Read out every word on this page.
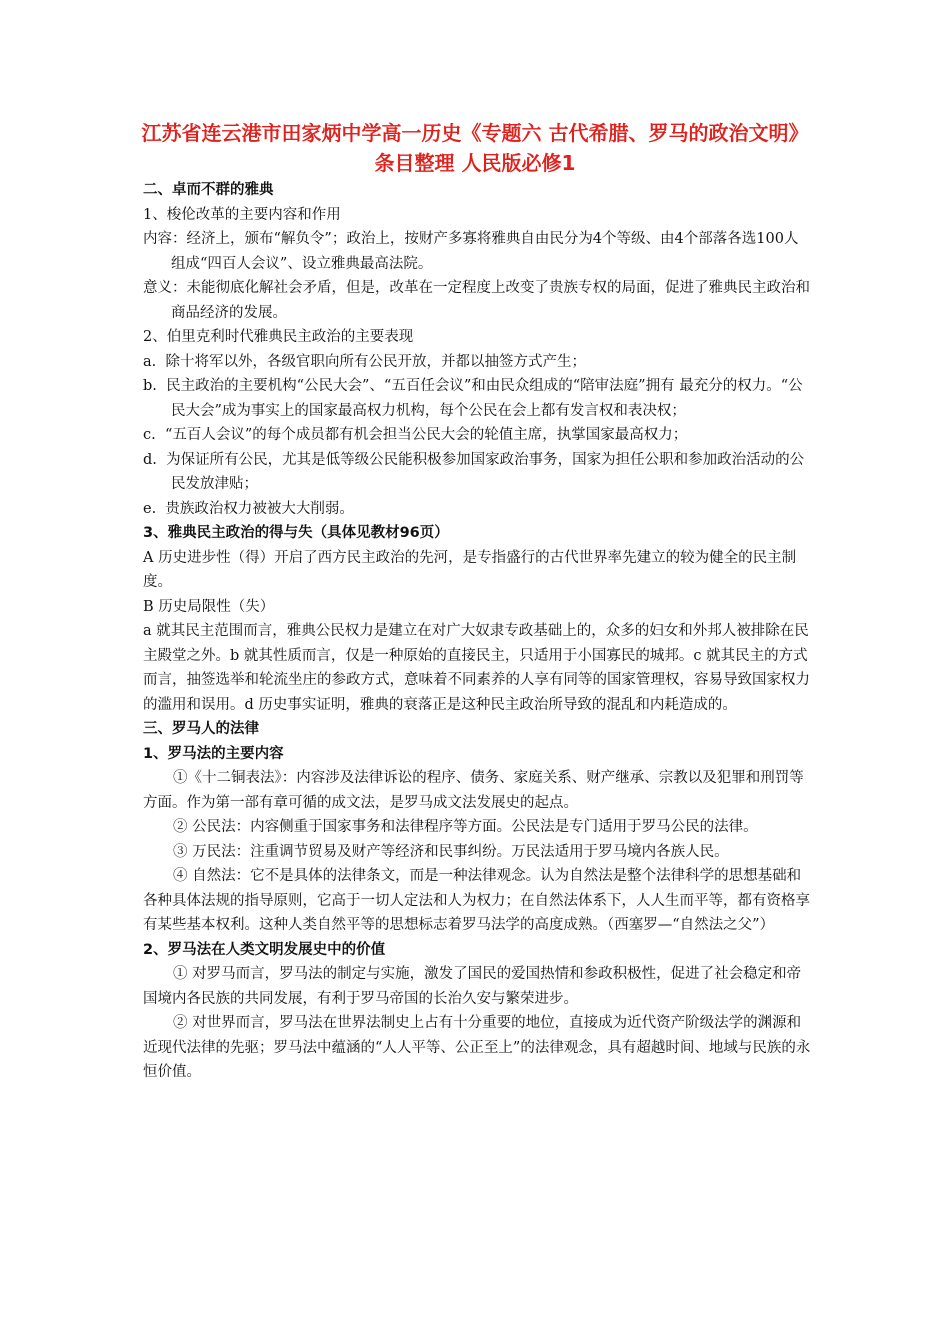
江苏省连云港市田家炳中学高一历史《专题六 古代希腊、罗马的政治文明》条目整理 人民版必修1

二、卓而不群的雅典

1、梭伦改革的主要内容和作用

内容：经济上，颁布“解负令”；政治上，按财产多寡将雅典自由民分为4个等级、由4个部落各选100人组成“四百人会议”、设立雅典最高法院。

意义：未能彻底化解社会矛盾，但是，改革在一定程度上改变了贵族专权的局面，促进了雅典民主政治和商品经济的发展。

2、伯里克利时代雅典民主政治的主要表现

a.  除十将军以外，各级官职向所有公民开放，并都以抽签方式产生；

b.  民主政治的主要机构“公民大会”、“五百任会议”和由民众组成的“陪审法庭”拥有 最充分的权力。“公民大会”成为事实上的国家最高权力机构，每个公民在会上都有发言权和表决权；

c.  “五百人会议”的每个成员都有机会担当公民大会的轮值主席，执掌国家最高权力；

d.  为保证所有公民，尤其是低等级公民能积极参加国家政治事务，国家为担任公职和参加政治活动的公民发放津贴；

e.  贵族政治权力被被大大削弱。

3、雅典民主政治的得与失（具体见教材96页）

A 历史进步性（得）开启了西方民主政治的先河，是专指盛行的古代世界率先建立的较为健全的民主制度。

B 历史局限性（失）

a 就其民主范围而言，雅典公民权力是建立在对广大奴隶专政基础上的，众多的妇女和外邦人被排除在民主殿堂之外。b 就其性质而言，仅是一种原始的直接民主，只适用于小国寡民的城邦。c 就其民主的方式而言，抽签选举和轮流坐庄的参政方式，意味着不同素养的人享有同等的国家管理权，容易导致国家权力的滥用和误用。d 历史事实证明，雅典的衰落正是这种民主政治所导致的混乱和内耗造成的。

三、罗马人的法律

1、罗马法的主要内容

①《十二铜表法》：内容涉及法律诉讼的程序、债务、家庭关系、财产继承、宗教以及犯罪和刑罚等方面。作为第一部有章可循的成文法，是罗马成文法发展史的起点。

② 公民法：内容侧重于国家事务和法律程序等方面。公民法是专门适用于罗马公民的法律。

③ 万民法：注重调节贸易及财产等经济和民事纠纷。万民法适用于罗马境内各族人民。

④ 自然法：它不是具体的法律条文，而是一种法律观念。认为自然法是整个法律科学的思想基础和各种具体法规的指导原则，它高于一切人定法和人为权力；在自然法体系下，人人生而平等，都有资格享有某些基本权利。这种人类自然平等的思想标志着罗马法学的高度成熟。（西塞罗—“自然法之父”）

2、罗马法在人类文明发展史中的价值

① 对罗马而言，罗马法的制定与实施，激发了国民的爱国热情和参政积极性，促进了社会稳定和帝国境内各民族的共同发展，有利于罗马帝国的长治久安与繁荣进步。

② 对世界而言，罗马法在世界法制史上占有十分重要的地位，直接成为近代资产阶级法学的渊源和近现代法律的先驱；罗马法中蕴涵的“人人平等、公正至上”的法律观念，具有超越时间、地域与民族的永恒价值。
